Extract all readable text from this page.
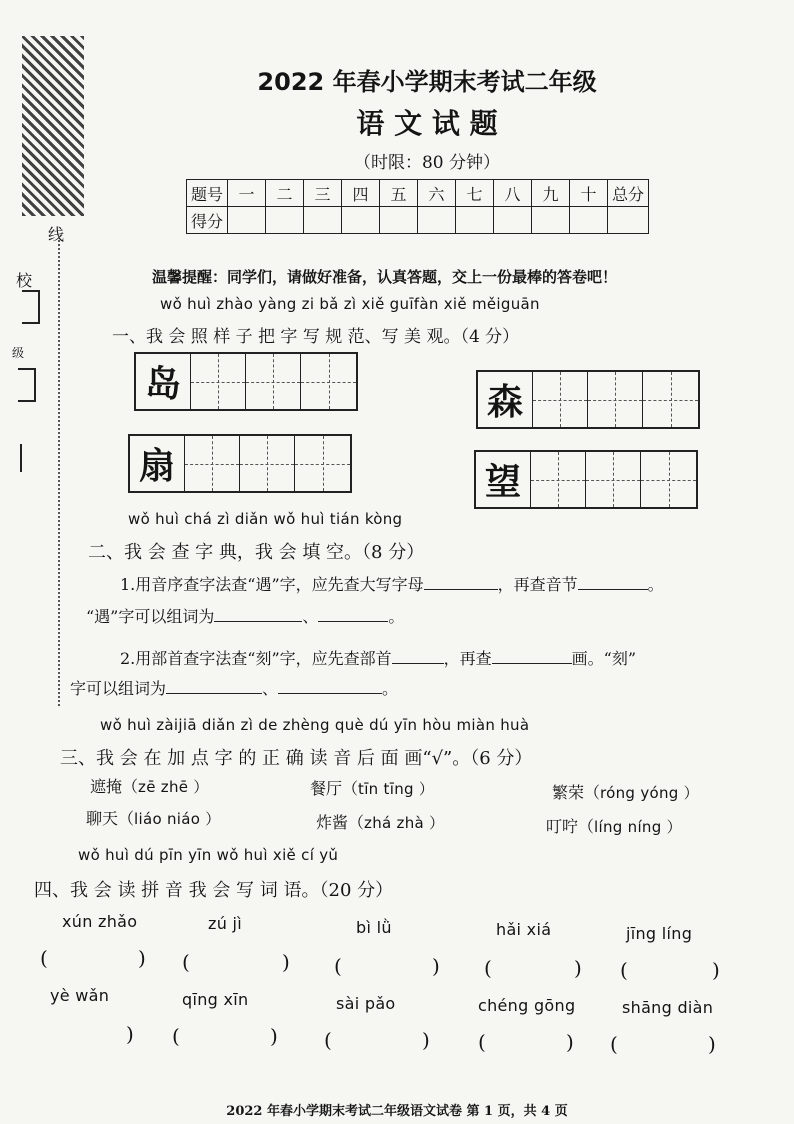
线
校
级
2022 年春小学期末考试二年级
语 文 试 题
（时限：80 分钟）
题号	一	二	三	四	五	六	七	八	九	十	总分
得分											
温馨提醒：同学们，请做好准备，认真答题，交上一份最棒的答卷吧！
wǒ huì zhào yàng zi bǎ zì xiě guīfàn xiě měiguān
一、我 会 照 样 子 把 字 写 规 范、写 美 观。（4 分）
岛	森
扇	望
wǒ huì chá zì diǎn wǒ huì tián kòng
二、我 会 查 字 典，我 会 填 空。（8 分）
1.用音序查字法查“遇”字，应先查大写字母	，再查音节	。
“遇”字可以组词为	、	。
2.用部首查字法查“刻”字，应先查部首	，再查	画。“刻”
字可以组词为	、	。
wǒ huì zàijiā diǎn zì de zhèng què dú yīn hòu miàn huà
三、我 会 在 加 点 字 的 正 确 读 音 后 面 画“√”。（6 分）
遮掩（zē zhē ）	餐厅（tīn tīng ）	繁荣（róng yóng ）
聊天（liáo niáo ）	炸酱（zhá zhà ）	叮咛（líng níng ）
wǒ huì dú pīn yīn wǒ huì xiě cí yǔ
四、我 会 读 拼 音 我 会 写 词 语。（20 分）
xún zhǎo	zú jì	bì lǜ	hǎi xiá	jīng líng
(	) (	) (	) (	) (	)
yè wǎn	qīng xīn	sài pǎo	chéng gōng	shāng diàn
) (	) (	) (	) (	)
2022 年春小学期末考试二年级语文试卷 第 1 页，共 4 页
